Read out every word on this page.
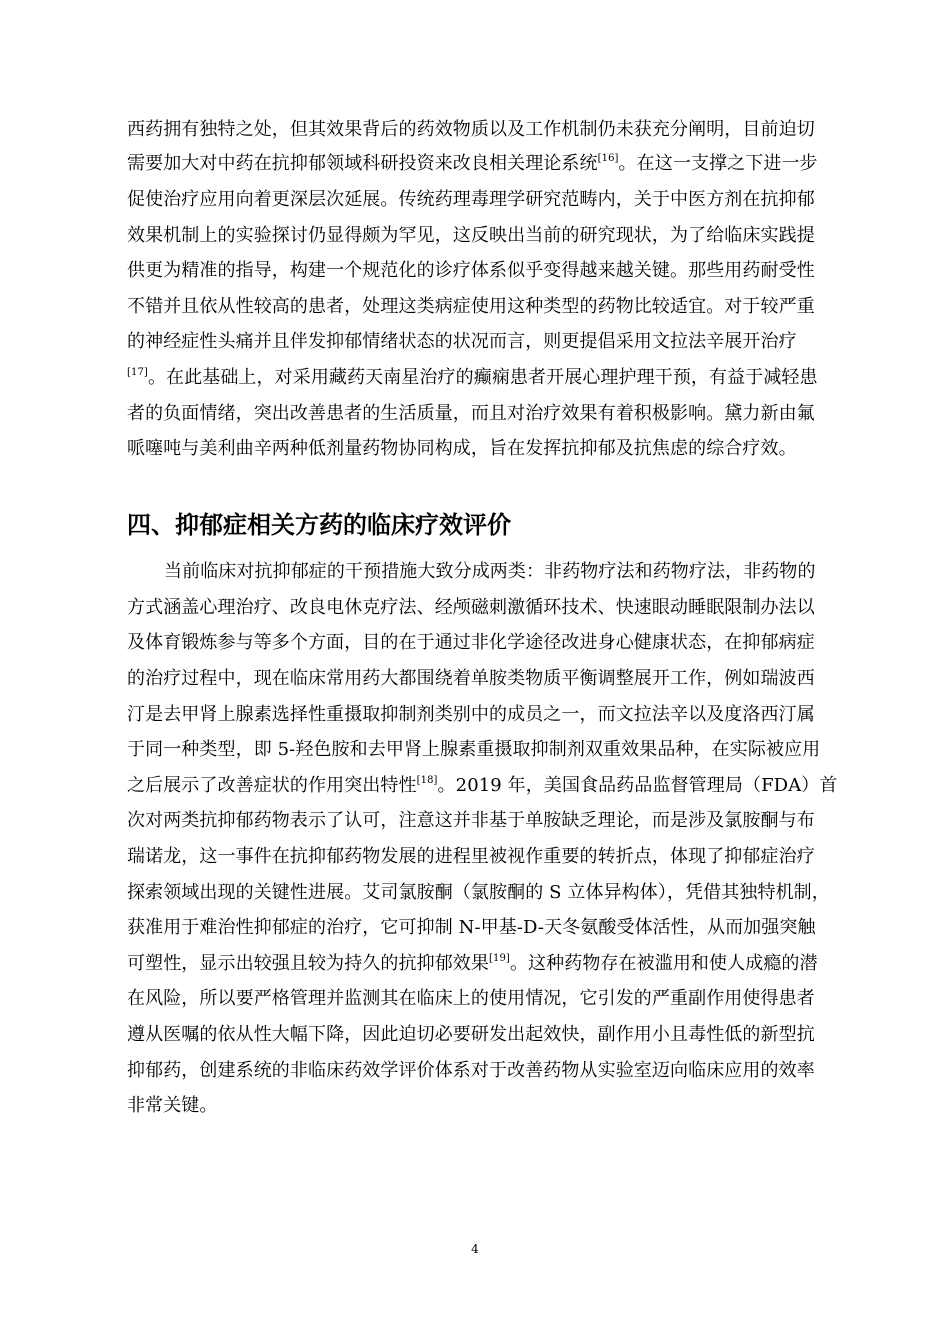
西药拥有独特之处，但其效果背后的药效物质以及工作机制仍未获充分阐明，目前迫切
需要加大对中药在抗抑郁领域科研投资来改良相关理论系统[16]。在这一支撑之下进一步
促使治疗应用向着更深层次延展。传统药理毒理学研究范畴内，关于中医方剂在抗抑郁
效果机制上的实验探讨仍显得颇为罕见，这反映出当前的研究现状，为了给临床实践提
供更为精准的指导，构建一个规范化的诊疗体系似乎变得越来越关键。那些用药耐受性
不错并且依从性较高的患者，处理这类病症使用这种类型的药物比较适宜。对于较严重
的神经症性头痛并且伴发抑郁情绪状态的状况而言，则更提倡采用文拉法辛展开治疗
[17]。在此基础上，对采用藏药天南星治疗的癫痫患者开展心理护理干预，有益于减轻患
者的负面情绪，突出改善患者的生活质量，而且对治疗效果有着积极影响。黛力新由氟
哌噻吨与美利曲辛两种低剂量药物协同构成，旨在发挥抗抑郁及抗焦虑的综合疗效。
四、抑郁症相关方药的临床疗效评价
当前临床对抗抑郁症的干预措施大致分成两类：非药物疗法和药物疗法，非药物的
方式涵盖心理治疗、改良电休克疗法、经颅磁刺激循环技术、快速眼动睡眠限制办法以
及体育锻炼参与等多个方面，目的在于通过非化学途径改进身心健康状态，在抑郁病症
的治疗过程中，现在临床常用药大都围绕着单胺类物质平衡调整展开工作，例如瑞波西
汀是去甲肾上腺素选择性重摄取抑制剂类别中的成员之一，而文拉法辛以及度洛西汀属
于同一种类型，即 5-羟色胺和去甲肾上腺素重摄取抑制剂双重效果品种，在实际被应用
之后展示了改善症状的作用突出特性[18]。2019 年，美国食品药品监督管理局（FDA）首
次对两类抗抑郁药物表示了认可，注意这并非基于单胺缺乏理论，而是涉及氯胺酮与布
瑞诺龙，这一事件在抗抑郁药物发展的进程里被视作重要的转折点，体现了抑郁症治疗
探索领域出现的关键性进展。艾司氯胺酮（氯胺酮的 S 立体异构体），凭借其独特机制，
获准用于难治性抑郁症的治疗，它可抑制 N-甲基-D-天冬氨酸受体活性，从而加强突触
可塑性，显示出较强且较为持久的抗抑郁效果[19]。这种药物存在被滥用和使人成瘾的潜
在风险，所以要严格管理并监测其在临床上的使用情况，它引发的严重副作用使得患者
遵从医嘱的依从性大幅下降，因此迫切必要研发出起效快，副作用小且毒性低的新型抗
抑郁药，创建系统的非临床药效学评价体系对于改善药物从实验室迈向临床应用的效率
非常关键。
4
